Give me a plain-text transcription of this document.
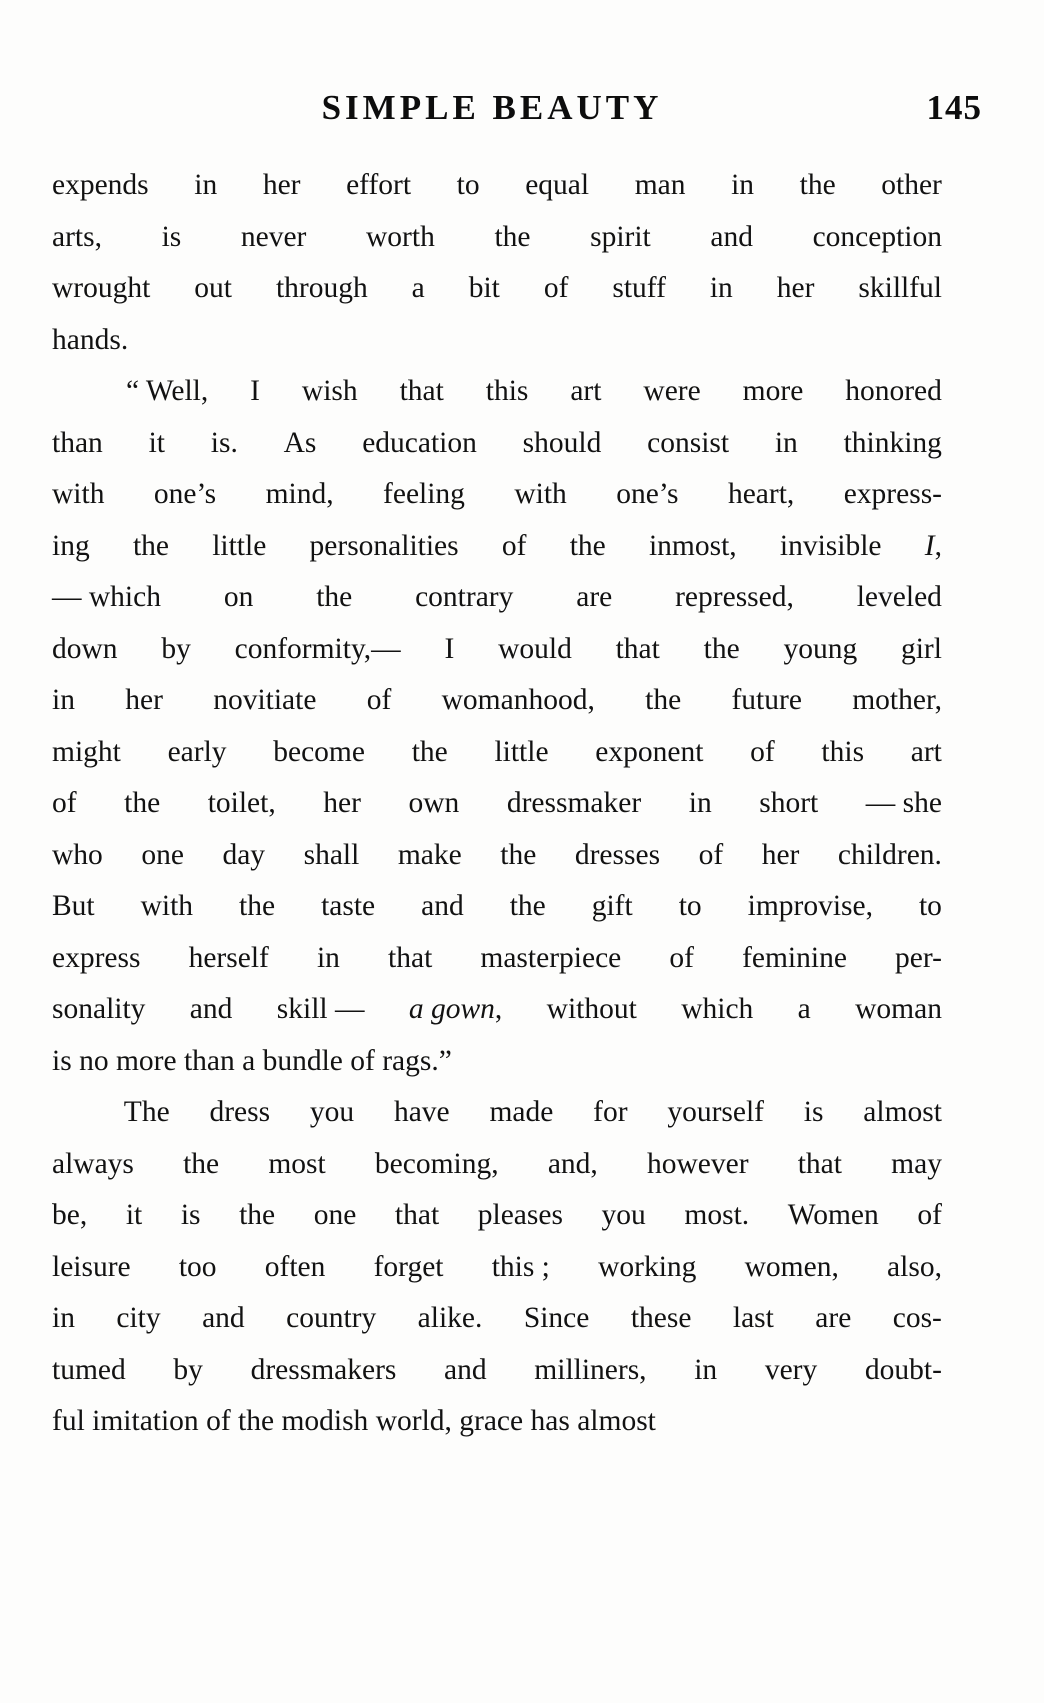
SIMPLE BEAUTY	145
expends in her effort to equal man in the other
arts, is never worth the spirit and conception
wrought out through a bit of stuff in her skillful
hands.
“ Well, I wish that this art were more honored
than it is. As education should consist in thinking
with one’s mind, feeling with one’s heart, express-
ing the little personalities of the inmost, invisible I,
— which on the contrary are repressed, leveled
down by conformity,— I would that the young girl
in her novitiate of womanhood, the future mother,
might early become the little exponent of this art
of the toilet, her own dressmaker in short — she
who one day shall make the dresses of her children.
But with the taste and the gift to improvise, to
express herself in that masterpiece of feminine per-
sonality and skill — a gown, without which a woman
is no more than a bundle of rags.”
The dress you have made for yourself is almost
always the most becoming, and, however that may
be, it is the one that pleases you most. Women of
leisure too often forget this ; working women, also,
in city and country alike. Since these last are cos-
tumed by dressmakers and milliners, in very doubt-
ful imitation of the modish world, grace has almost
